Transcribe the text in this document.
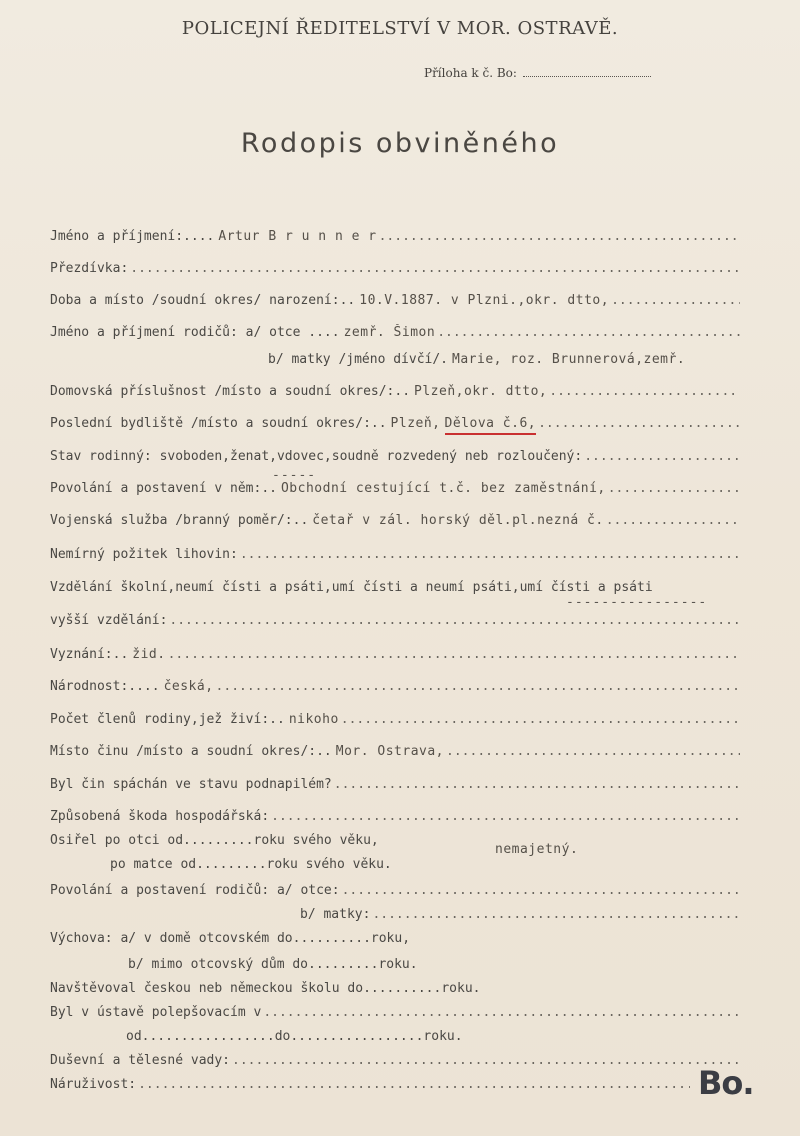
POLICEJNÍ ŘEDITELSTVÍ V MOR. OSTRAVĚ.
Příloha k č. Bo:
Rodopis obviněného
Jméno a příjmení:.... Artur B r u n n e r
.....
Přezdívka:
.....
Doba a místo /soudní okres/ narození:.. 10.V.1887. v Plzni.,okr. dtto,
.....
Jméno a příjmení rodičů: a/ otce .... zemř. Šimon
.....
b/ matky /jméno dívčí/. Marie, roz. Brunnerová,zemř.
Domovská příslušnost /místo a soudní okres/:.. Plzeň,okr. dtto,
.....
Poslední bydliště /místo a soudní okres/:.. Plzeň, Dělova č.6,
.....
Stav rodinný: svoboden,ženat,vdovec,soudně rozvedený neb rozloučený:
.....
-----
Povolání a postavení v něm:.. Obchodní cestující t.č. bez zaměstnání,
.....
Vojenská služba /branný poměr/:.. četař v zál. horský děl.pl.nezná č.
.....
Nemírný požitek lihovin:
.....
Vzdělání školní,neumí čísti a psáti,umí čísti a neumí psáti,umí čísti a psáti
----------------
vyšší vzdělání:
.....
Vyznání:.. žid.
.....
Národnost:.... česká,
.....
Počet členů rodiny,jež živí:.. nikoho
.....
Místo činu /místo a soudní okres/:.. Mor. Ostrava,
.....
Byl čin spáchán ve stavu podnapilém?
.....
Způsobená škoda hospodářská:
.....
Osiřel po otci od.........roku svého věku,
nemajetný.
po matce od.........roku svého věku.
Povolání a postavení rodičů: a/ otce:
.....
b/ matky:
.....
Výchova: a/ v domě otcovském do..........roku,
b/ mimo otcovský dům do.........roku.
Navštěvoval českou neb německou školu do..........roku.
Byl v ústavě polepšovacím v
.....
od.................do.................roku.
Duševní a tělesné vady:
.....
Náruživost:
.....	Bo.
